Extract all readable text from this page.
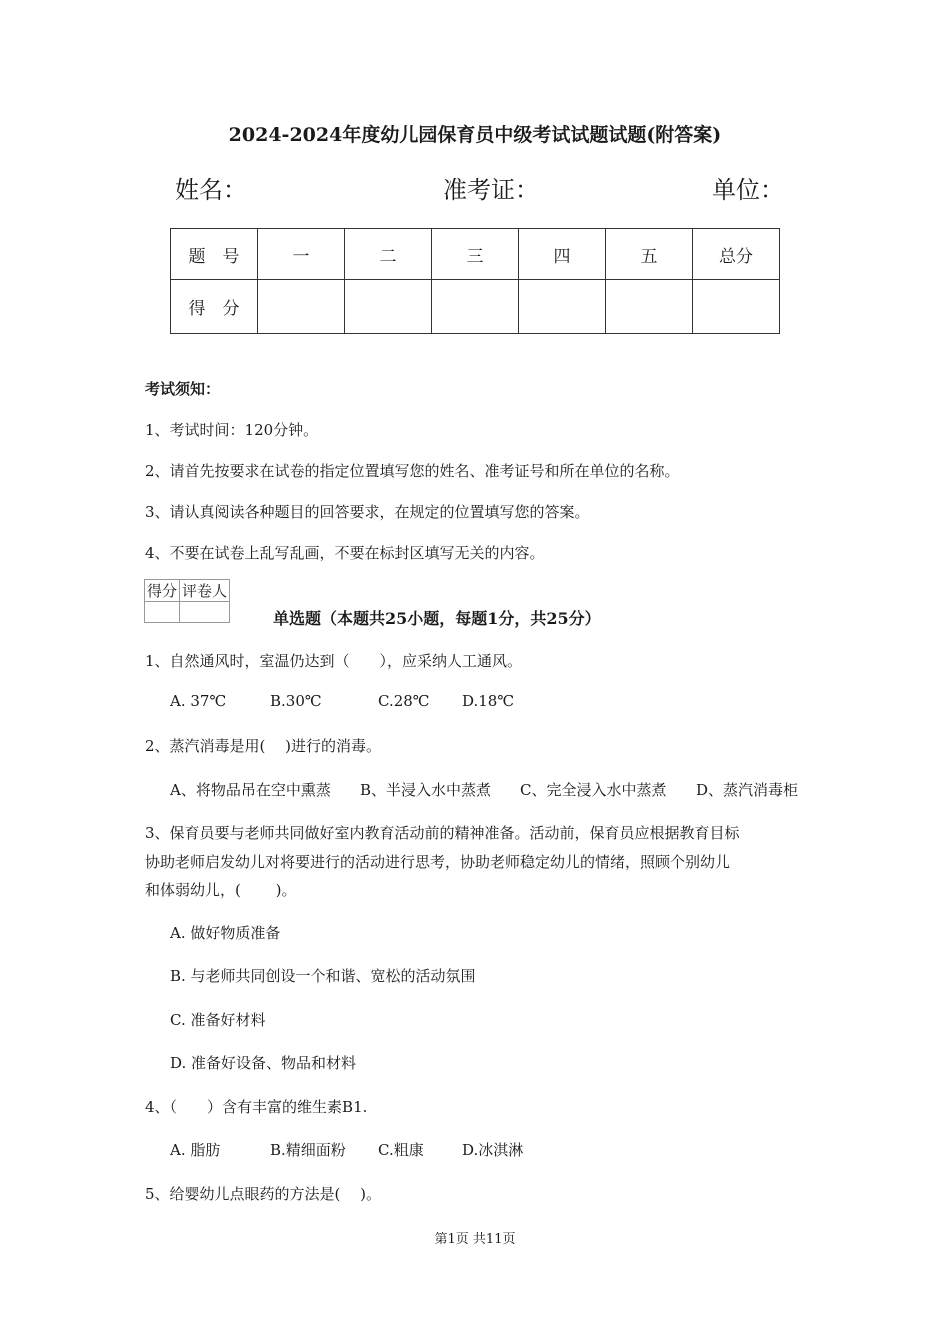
2024-2024年度幼儿园保育员中级考试试题试题(附答案)
姓名：	准考证：	单位：
题　号	一	二	三	四	五	总分
得　分						
考试须知：
1、考试时间：120分钟。
2、请首先按要求在试卷的指定位置填写您的姓名、准考证号和所在单位的名称。
3、请认真阅读各种题目的回答要求，在规定的位置填写您的答案。
4、不要在试卷上乱写乱画，不要在标封区填写无关的内容。
得分	评卷人

单选题（本题共25小题，每题1分，共25分）
1、自然通风时，室温仍达到（　　），应采纳人工通风。
A. 37℃	B.30℃	C.28℃ D.18℃
2、蒸汽消毒是用(　 )进行的消毒。
A、将物品吊在空中熏蒸 B、半浸入水中蒸煮 C、完全浸入水中蒸煮 D、蒸汽消毒柜
3、保育员要与老师共同做好室内教育活动前的精神准备。活动前，保育员应根据教育目标
协助老师启发幼儿对将要进行的活动进行思考，协助老师稳定幼儿的情绪，照顾个别幼儿
和体弱幼儿，(　　 )。
A. 做好物质准备
B. 与老师共同创设一个和谐、宽松的活动氛围
C. 准备好材料
D. 准备好设备、物品和材料
4、（　　）含有丰富的维生素B1.
A. 脂肪	B.精细面粉 C.粗康	D.冰淇淋
5、给婴幼儿点眼药的方法是(　 )。
第1页 共11页
